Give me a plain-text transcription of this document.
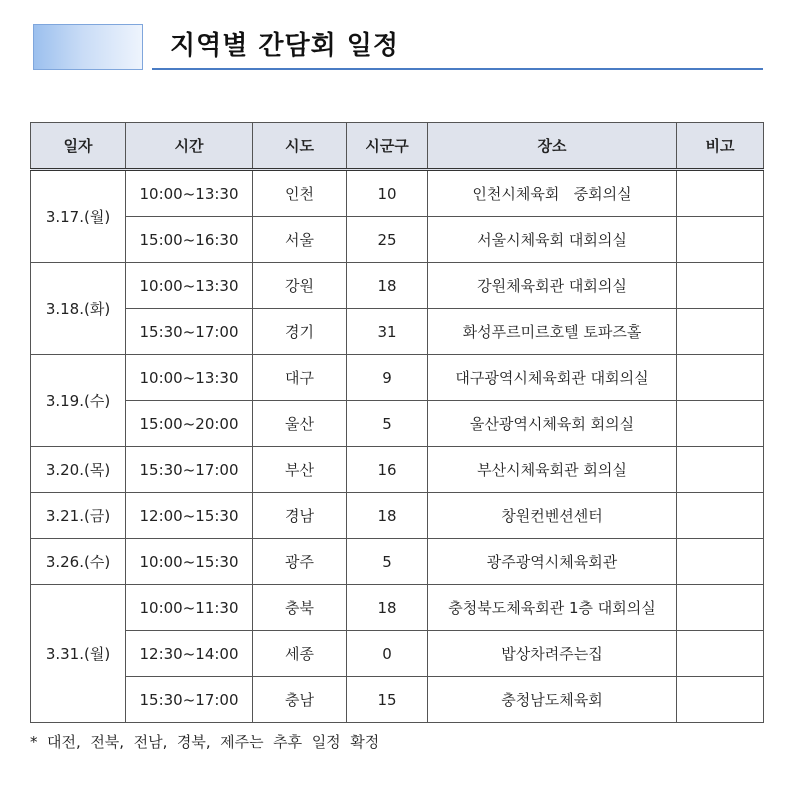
지역별 간담회 일정
일자	시간	시도	시군구	장소	비고
3.17.(월)	10:00~13:30	인천	10	인천시체육회   중회의실	
	15:00~16:30	서울	25	서울시체육회 대회의실	
3.18.(화)	10:00~13:30	강원	18	강원체육회관 대회의실	
	15:30~17:00	경기	31	화성푸르미르호텔 토파즈홀	
3.19.(수)	10:00~13:30	대구	9	대구광역시체육회관 대회의실	
	15:00~20:00	울산	5	울산광역시체육회 회의실	
3.20.(목)	15:30~17:00	부산	16	부산시체육회관 회의실	
3.21.(금)	12:00~15:30	경남	18	창원컨벤션센터	
3.26.(수)	10:00~15:30	광주	5	광주광역시체육회관	
3.31.(월)	10:00~11:30	충북	18	충청북도체육회관 1층 대회의실	
	12:30~14:00	세종	0	밥상차려주는집	
	15:30~17:00	충남	15	충청남도체육회	
*  대전,  전북,  전남,  경북,  제주는  추후  일정  확정
